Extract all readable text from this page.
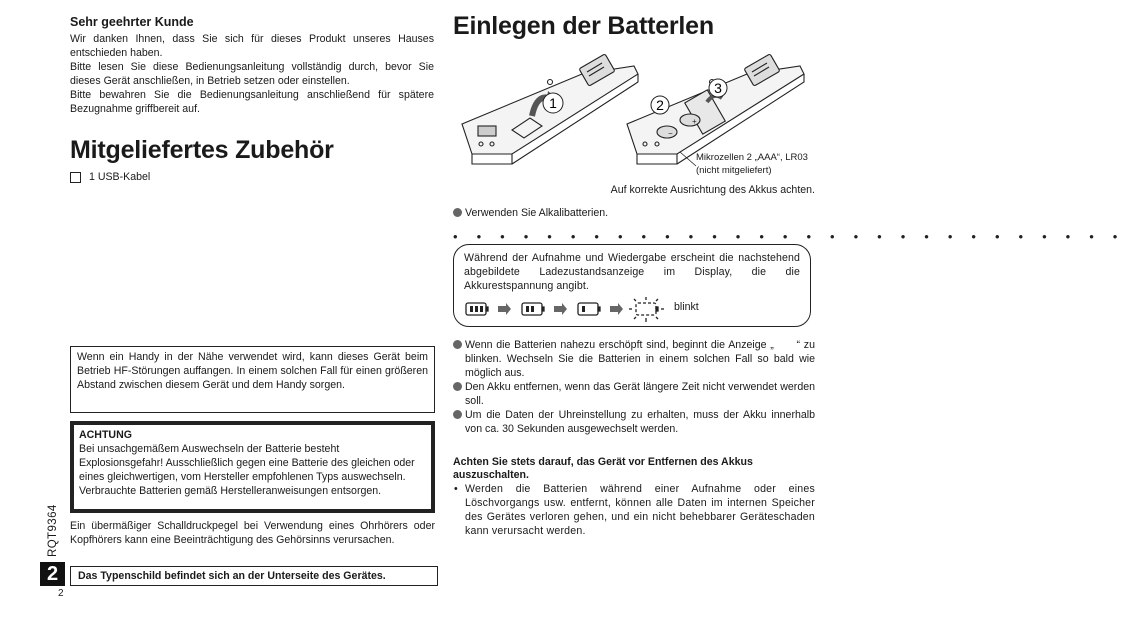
Sehr geehrter Kunde

Wir danken Ihnen, dass Sie sich für dieses Produkt unseres Hauses entschieden haben.

Bitte lesen Sie diese Bedienungsanleitung vollständig durch, bevor Sie dieses Gerät anschließen, in Betrieb setzen oder einstellen.

Bitte bewahren Sie die Bedienungsanleitung anschließend für spätere Bezugnahme griffbereit auf.

Mitgeliefertes Zubehör
1 USB-Kabel

Wenn ein Handy in der Nähe verwendet wird, kann dieses Gerät beim Betrieb HF-Störungen auffangen. In einem solchen Fall für einen größeren Abstand zwischen diesem Gerät und dem Handy sorgen.

ACHTUNG

Bei unsachgemäßem Auswechseln der Batterie besteht Explosionsgefahr! Ausschließlich gegen eine Batterie des gleichen oder eines gleichwertigen, vom Hersteller empfohlenen Typs auswechseln. Verbrauchte Batterien gemäß Herstelleranweisungen entsorgen.

Ein übermäßiger Schalldruckpegel bei Verwendung eines Ohrhörers oder Kopfhörers kann eine Beeinträchtigung des Gehörsinns verursachen.

Das Typenschild befindet sich an der Unterseite des Gerätes.
RQT9364
2
2
Einlegen der Batterlen
1
+
−
2
3
Mikrozellen 2 „AAA“, LR03
(nicht mitgeliefert)
Auf korrekte Ausrichtung des Akkus achten.
Verwenden Sie Alkalibatterien.
• • • • • • • • • • • • • • • • • • • • • • • • • • • • •

Während der Aufnahme und Wiedergabe erscheint die nachstehend abgebildete Ladezustandsanzeige im Display, die die Akkurestspannung angibt.

blinkt
Wenn die Batterien nahezu erschöpft sind, beginnt die Anzeige „      “ zu blinken. Wechseln Sie die Batterien in einem solchen Fall so bald wie möglich aus.
Den Akku entfernen, wenn das Gerät längere Zeit nicht verwendet werden soll.
Um die Daten der Uhreinstellung zu erhalten, muss der Akku innerhalb von ca. 30 Sekunden ausgewechselt werden.
Achten Sie stets darauf, das Gerät vor Entfernen des Akkus auszuschalten.
• Werden die Batterien während einer Aufnahme oder eines Löschvorgangs usw. entfernt, können alle Daten im internen Speicher des Gerätes verloren gehen, und ein nicht behebbarer Geräteschaden kann verursacht werden.
